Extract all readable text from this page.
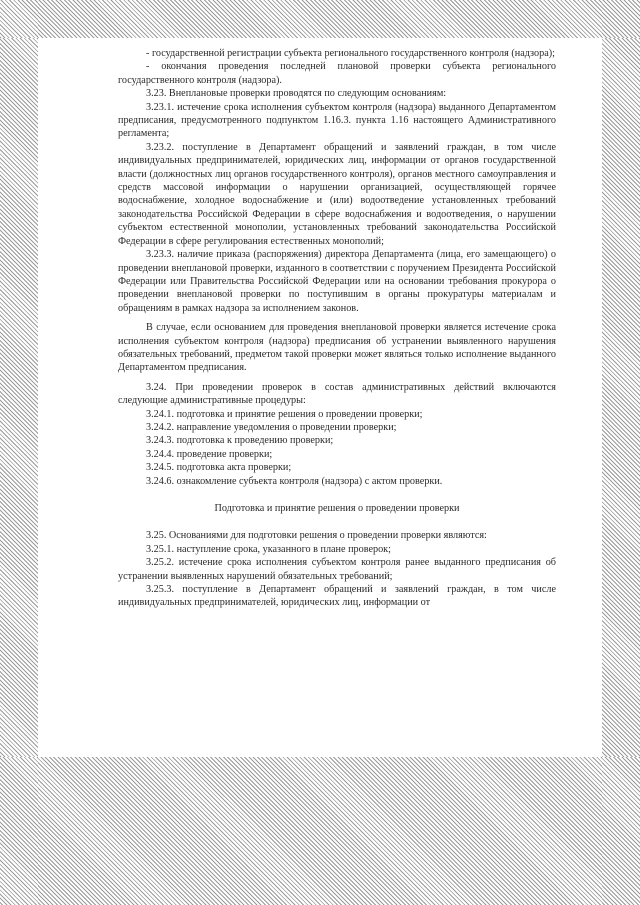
- государственной регистрации субъекта регионального государственного контроля (надзора);

- окончания проведения последней плановой проверки субъекта регионального государственного контроля (надзора).

3.23. Внеплановые проверки проводятся по следующим основаниям:

3.23.1. истечение срока исполнения субъектом контроля (надзора) выданного Департаментом предписания, предусмотренного подпунктом 1.16.3. пункта 1.16 настоящего Административного регламента;

3.23.2. поступление в Департамент обращений и заявлений граждан, в том числе индивидуальных предпринимателей, юридических лиц, информации от органов государственной власти (должностных лиц органов государственного контроля), органов местного самоуправления и средств массовой информации о нарушении организацией, осуществляющей горячее водоснабжение, холодное водоснабжение и (или) водоотведение установленных требований законодательства Российской Федерации в сфере водоснабжения и водоотведения, о нарушении субъектом естественной монополии, установленных требований законодательства Российской Федерации в сфере регулирования естественных монополий;

3.23.3. наличие приказа (распоряжения) директора Департамента (лица, его замещающего) о проведении внеплановой проверки, изданного в соответствии с поручением Президента Российской Федерации или Правительства Российской Федерации или на основании требования прокурора о проведении внеплановой проверки по поступившим в органы прокуратуры материалам и обращениям в рамках надзора за исполнением законов.

В случае, если основанием для проведения внеплановой проверки является истечение срока исполнения субъектом контроля (надзора) предписания об устранении выявленного нарушения обязательных требований, предметом такой проверки может являться только исполнение выданного Департаментом предписания.

3.24. При проведении проверок в состав административных действий включаются следующие административные процедуры:

3.24.1. подготовка и принятие решения о проведении проверки;

3.24.2. направление уведомления о проведении проверки;

3.24.3. подготовка к проведению проверки;

3.24.4. проведение проверки;

3.24.5. подготовка акта проверки;

3.24.6. ознакомление субъекта контроля (надзора) с актом проверки.

Подготовка и принятие решения о проведении проверки

3.25. Основаниями для подготовки решения о проведении проверки являются:

3.25.1. наступление срока, указанного в плане проверок;

3.25.2. истечение срока исполнения субъектом контроля ранее выданного предписания об устранении выявленных нарушений обязательных требований;

3.25.3. поступление в Департамент обращений и заявлений граждан, в том числе индивидуальных предпринимателей, юридических лиц, информации от
